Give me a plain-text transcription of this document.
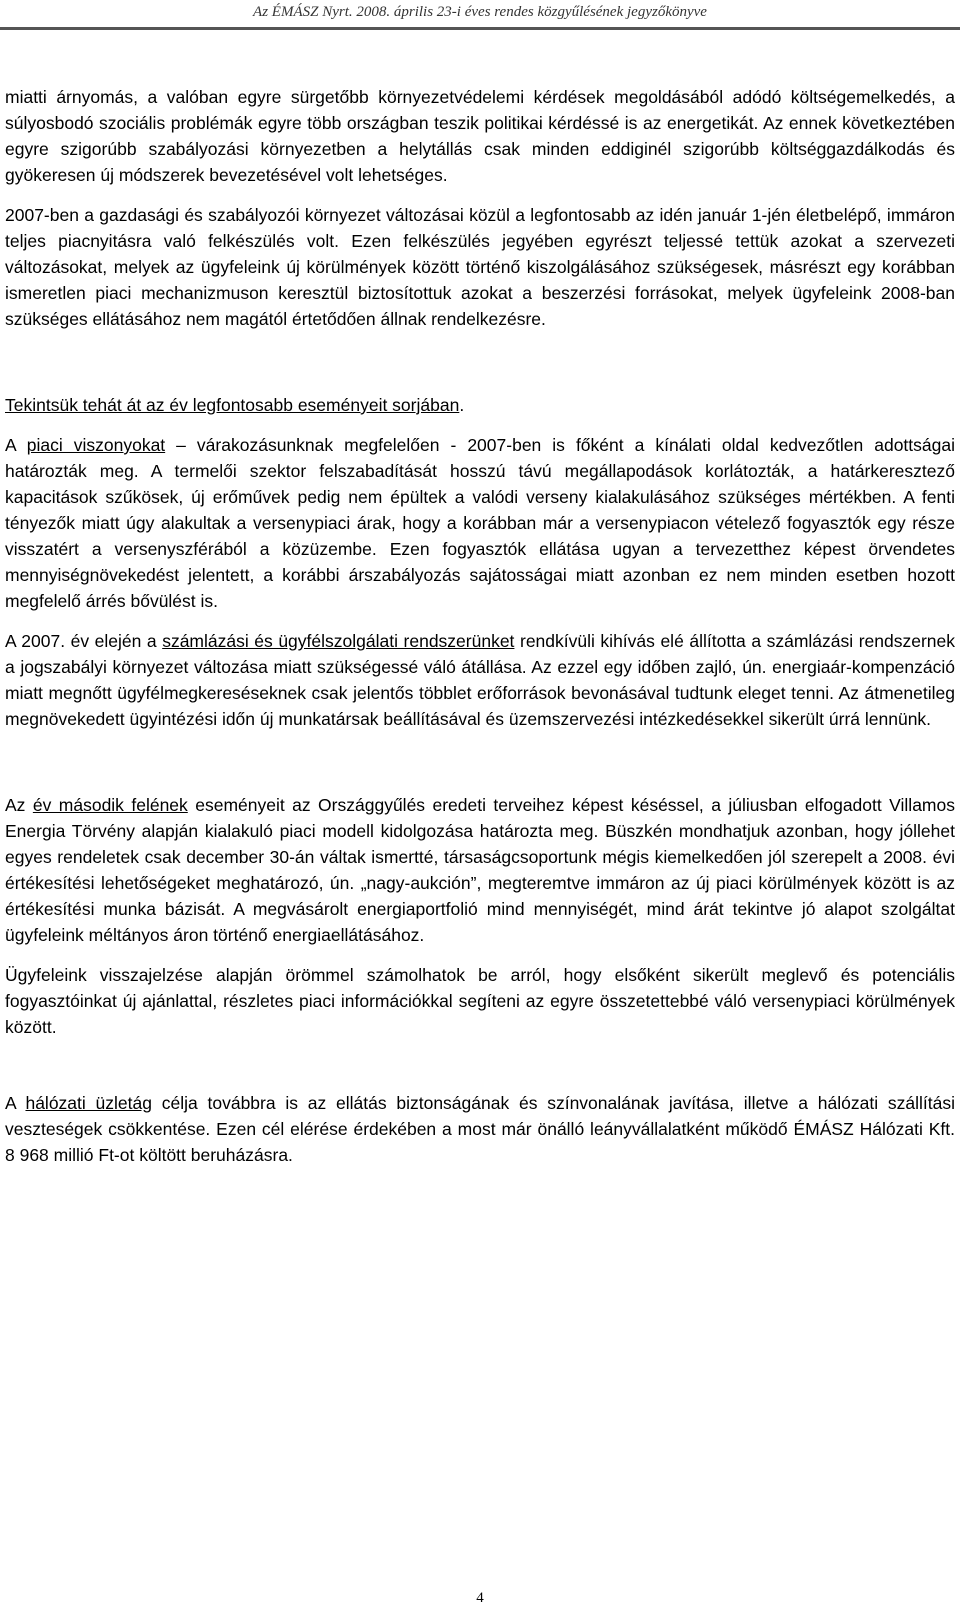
Az ÉMÁSZ Nyrt. 2008. április 23-i éves rendes közgyűlésének jegyzőkönyve

miatti árnyomás, a valóban egyre sürgetőbb környezetvédelemi kérdések megoldásából adódó költségemelkedés, a súlyosbodó szociális problémák egyre több országban teszik politikai kérdéssé is az energetikát. Az ennek következtében egyre szigorúbb szabályozási környezetben a helytállás csak minden eddiginél szigorúbb költséggazdálkodás és gyökeresen új módszerek bevezetésével volt lehetséges.

2007-ben a gazdasági és szabályozói környezet változásai közül a legfontosabb az idén január 1-jén életbelépő, immáron teljes piacnyitásra való felkészülés volt. Ezen felkészülés jegyében egyrészt teljessé tettük azokat a szervezeti változásokat, melyek az ügyfeleink új körülmények között történő kiszolgálásához szükségesek, másrészt egy korábban ismeretlen piaci mechanizmuson keresztül biztosítottuk azokat a beszerzési forrásokat, melyek ügyfeleink 2008-ban szükséges ellátásához nem magától értetődően állnak rendelkezésre.

Tekintsük tehát át az év legfontosabb eseményeit sorjában.

A piaci viszonyokat – várakozásunknak megfelelően - 2007-ben is főként a kínálati oldal kedvezőtlen adottságai határozták meg. A termelői szektor felszabadítását hosszú távú megállapodások korlátozták, a határkeresztező kapacitások szűkösek, új erőművek pedig nem épültek a valódi verseny kialakulásához szükséges mértékben. A fenti tényezők miatt úgy alakultak a versenypiaci árak, hogy a korábban már a versenypiacon vételező fogyasztók egy része visszatért a versenyszférából a közüzembe. Ezen fogyasztók ellátása ugyan a tervezetthez képest örvendetes mennyiségnövekedést jelentett, a korábbi árszabályozás sajátosságai miatt azonban ez nem minden esetben hozott megfelelő árrés bővülést is.

A 2007. év elején a számlázási és ügyfélszolgálati rendszerünket rendkívüli kihívás elé állította a számlázási rendszernek a jogszabályi környezet változása miatt szükségessé váló átállása. Az ezzel egy időben zajló, ún. energiaár-kompenzáció miatt megnőtt ügyfélmegkereséseknek csak jelentős többlet erőforrások bevonásával tudtunk eleget tenni. Az átmenetileg megnövekedett ügyintézési időn új munkatársak beállításával és üzemszervezési intézkedésekkel sikerült úrrá lennünk.

Az év második felének eseményeit az Országgyűlés eredeti terveihez képest késéssel, a júliusban elfogadott Villamos Energia Törvény alapján kialakuló piaci modell kidolgozása határozta meg. Büszkén mondhatjuk azonban, hogy jóllehet egyes rendeletek csak december 30-án váltak ismertté, társaságcsoportunk mégis kiemelkedően jól szerepelt a 2008. évi értékesítési lehetőségeket meghatározó, ún. „nagy-aukción”, megteremtve immáron az új piaci körülmények között is az értékesítési munka bázisát. A megvásárolt energiaportfolió mind mennyiségét, mind árát tekintve jó alapot szolgáltat ügyfeleink méltányos áron történő energiaellátásához.

Ügyfeleink visszajelzése alapján örömmel számolhatok be arról, hogy elsőként sikerült meglevő és potenciális fogyasztóinkat új ajánlattal, részletes piaci információkkal segíteni az egyre összetettebbé váló versenypiaci körülmények között.

A hálózati üzletág célja továbbra is az ellátás biztonságának és színvonalának javítása, illetve a hálózati szállítási veszteségek csökkentése. Ezen cél elérése érdekében a most már önálló leányvállalatként működő ÉMÁSZ Hálózati Kft. 8 968 millió Ft-ot költött beruházásra.

4
